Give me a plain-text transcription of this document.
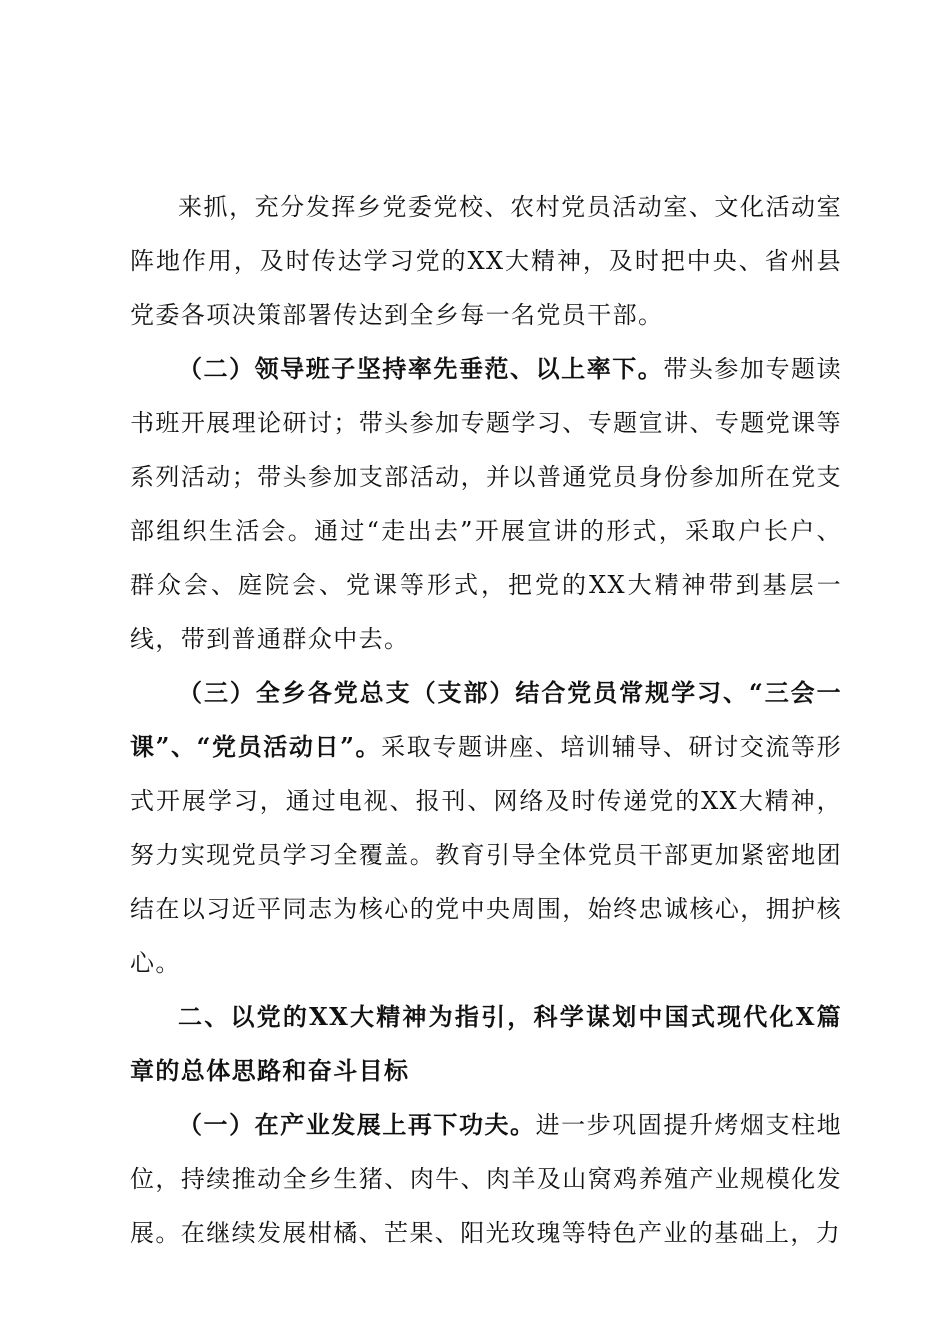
来抓，充分发挥乡党委党校、农村党员活动室、文化活动室阵地作用，及时传达学习党的XX大精神，及时把中央、省州县党委各项决策部署传达到全乡每一名党员干部。

（二）领导班子坚持率先垂范、以上率下。带头参加专题读书班开展理论研讨；带头参加专题学习、专题宣讲、专题党课等系列活动；带头参加支部活动，并以普通党员身份参加所在党支部组织生活会。通过“走出去”开展宣讲的形式，采取户长户、群众会、庭院会、党课等形式，把党的XX大精神带到基层一线，带到普通群众中去。

（三）全乡各党总支（支部）结合党员常规学习、“三会一课”、“党员活动日”。采取专题讲座、培训辅导、研讨交流等形式开展学习，通过电视、报刊、网络及时传递党的XX大精神，努力实现党员学习全覆盖。教育引导全体党员干部更加紧密地团结在以习近平同志为核心的党中央周围，始终忠诚核心，拥护核心。

二、以党的XX大精神为指引，科学谋划中国式现代化X篇章的总体思路和奋斗目标

（一）在产业发展上再下功夫。进一步巩固提升烤烟支柱地位，持续推动全乡生猪、肉牛、肉羊及山窝鸡养殖产业规模化发展。在继续发展柑橘、芒果、阳光玫瑰等特色产业的基础上，力
